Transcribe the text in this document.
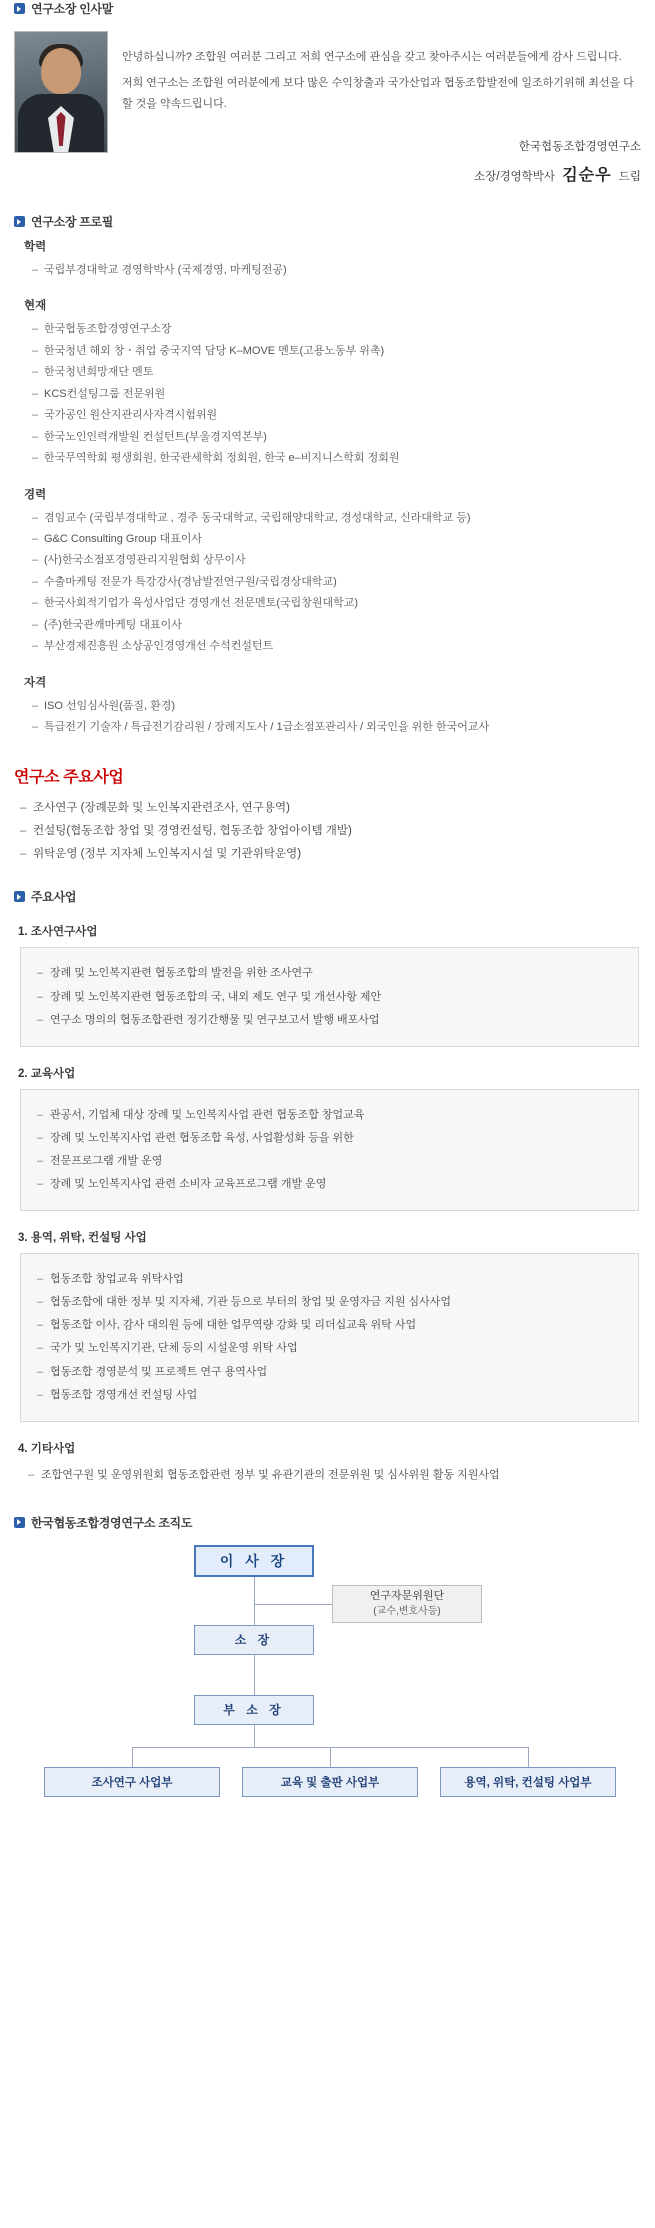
연구소장 인사말

안녕하십니까? 조합원 여러분 그리고 저희 연구소에 관심을 갖고 찾아주시는 여러분들에게 감사 드립니다.

저희 연구소는 조합원 여러분에게 보다 많은 수익창출과 국가산업과 협동조합발전에 일조하기위해 최선을 다할 것을 약속드립니다.

한국협동조합경영연구소
소장/경영학박사 김순우 드림
연구소장 프로필
학력
– 국립부경대학교 경영학박사 (국제경영, 마케팅전공)
현재
– 한국협동조합경영연구소장
– 한국청년 해외 창ㆍ취업 중국지역 담당 K–MOVE 멘토(고용노동부 위촉)
– 한국청년희망재단 멘토
– KCS컨설팅그룹 전문위원
– 국가공인 원산지관리사자격시험위원
– 한국노인인력개발원 컨설턴트(부울경지역본부)
– 한국무역학회 평생회원, 한국관세학회 정회원, 한국 e–비지니스학회 정회원
경력
– 겸임교수 (국립부경대학교 , 경주 동국대학교, 국립해양대학교, 경성대학교, 신라대학교 등)
– G&C Consulting Group 대표이사
– (사)한국소점포경영관리지원협회 상무이사
– 수출마케팅 전문가 특강강사(경남발전연구원/국립경상대학교)
– 한국사회적기업가 육성사업단 경영개선 전문멘토(국립창원대학교)
– (주)한국관깨마케팅 대표이사
– 부산경제진흥원 소상공인경영개선 수석컨설턴트
자격
– ISO 선임심사원(품질, 환경)
– 특급전기 기술자 / 특급전기감리원 / 장례지도사 / 1급소점포관리사 / 외국인을 위한 한국어교사
연구소 주요사업
– 조사연구 (장례문화 및 노인복지관련조사, 연구용역)
– 컨설팅(협동조합 창업 및 경영컨설팅, 협동조합 창업아이템 개발)
– 위탁운영 (정부 지자체 노인복지시설 및 기관위탁운영)
주요사업
1. 조사연구사업
– 장례 및 노인복지관련 협동조합의 발전을 위한 조사연구
– 장례 및 노인복지관련 협동조합의 국, 내외 제도 연구 및 개선사항 제안
– 연구소 명의의 협동조합관련 정기간행물 및 연구보고서 발행 배포사업
2. 교육사업
– 관공서, 기업체 대상 장례 및 노인복지사업 관련 협동조합 창업교육
– 장례 및 노인복지사업 관련 협동조합 육성, 사업활성화 등을 위한
– 전문프로그램 개발 운영
– 장례 및 노인복지사업 관련 소비자 교육프로그램 개발 운영
3. 용역, 위탁, 컨설팅 사업
– 협동조합 창업교육 위탁사업
– 협동조합에 대한 정부 및 지자체, 기관 등으로 부터의 창업 및 운영자금 지원 심사사업
– 협동조합 이사, 감사 대의원 등에 대한 업무역량 강화 및 리더십교육 위탁 사업
– 국가 및 노인복지기관, 단체 등의 시설운영 위탁 사업
– 협동조합 경영분석 및 프로젝트 연구 용역사업
– 협동조합 경영개선 컨설팅 사업
4. 기타사업
– 조합연구원 및 운영위원회 협동조합관련 정부 및 유관기관의 전문위원 및 심사위원 활동 지원사업
한국협동조합경영연구소 조직도
이 사 장
연구자문위원단
(교수,변호사등)
소 장
부 소 장
조사연구 사업부	교육 및 출판 사업부	용역, 위탁, 컨설팅 사업부
